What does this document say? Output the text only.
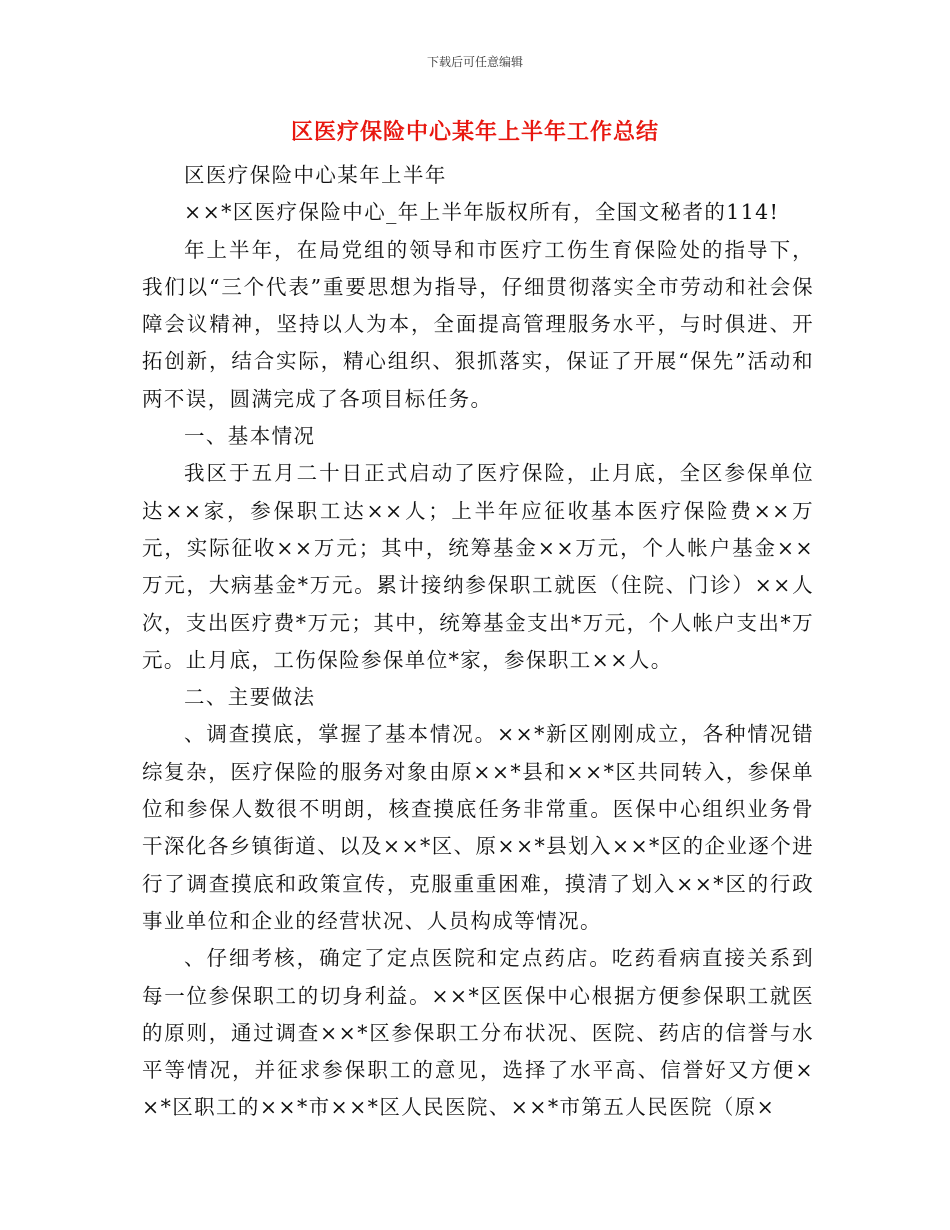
下载后可任意编辑
区医疗保险中心某年上半年工作总结

区医疗保险中心某年上半年

××*区医疗保险中心_年上半年版权所有，全国文秘者的114!

年上半年，在局党组的领导和市医疗工伤生育保险处的指导下，我们以“三个代表”重要思想为指导，仔细贯彻落实全市劳动和社会保障会议精神，坚持以人为本，全面提高管理服务水平，与时俱进、开拓创新，结合实际，精心组织、狠抓落实，保证了开展“保先”活动和两不误，圆满完成了各项目标任务。

一、基本情况

我区于五月二十日正式启动了医疗保险，止月底，全区参保单位达××家，参保职工达××人；上半年应征收基本医疗保险费××万元，实际征收××万元；其中，统筹基金××万元，个人帐户基金××万元，大病基金*万元。累计接纳参保职工就医（住院、门诊）××人次，支出医疗费*万元；其中，统筹基金支出*万元，个人帐户支出*万元。止月底，工伤保险参保单位*家，参保职工××人。

二、主要做法

、调查摸底，掌握了基本情况。××*新区刚刚成立，各种情况错综复杂，医疗保险的服务对象由原××*县和××*区共同转入，参保单位和参保人数很不明朗，核查摸底任务非常重。医保中心组织业务骨干深化各乡镇街道、以及××*区、原××*县划入××*区的企业逐个进行了调查摸底和政策宣传，克服重重困难，摸清了划入××*区的行政事业单位和企业的经营状况、人员构成等情况。

、仔细考核，确定了定点医院和定点药店。吃药看病直接关系到每一位参保职工的切身利益。××*区医保中心根据方便参保职工就医的原则，通过调查××*区参保职工分布状况、医院、药店的信誉与水平等情况，并征求参保职工的意见，选择了水平高、信誉好又方便××*区职工的××*市××*区人民医院、××*市第五人民医院（原×
